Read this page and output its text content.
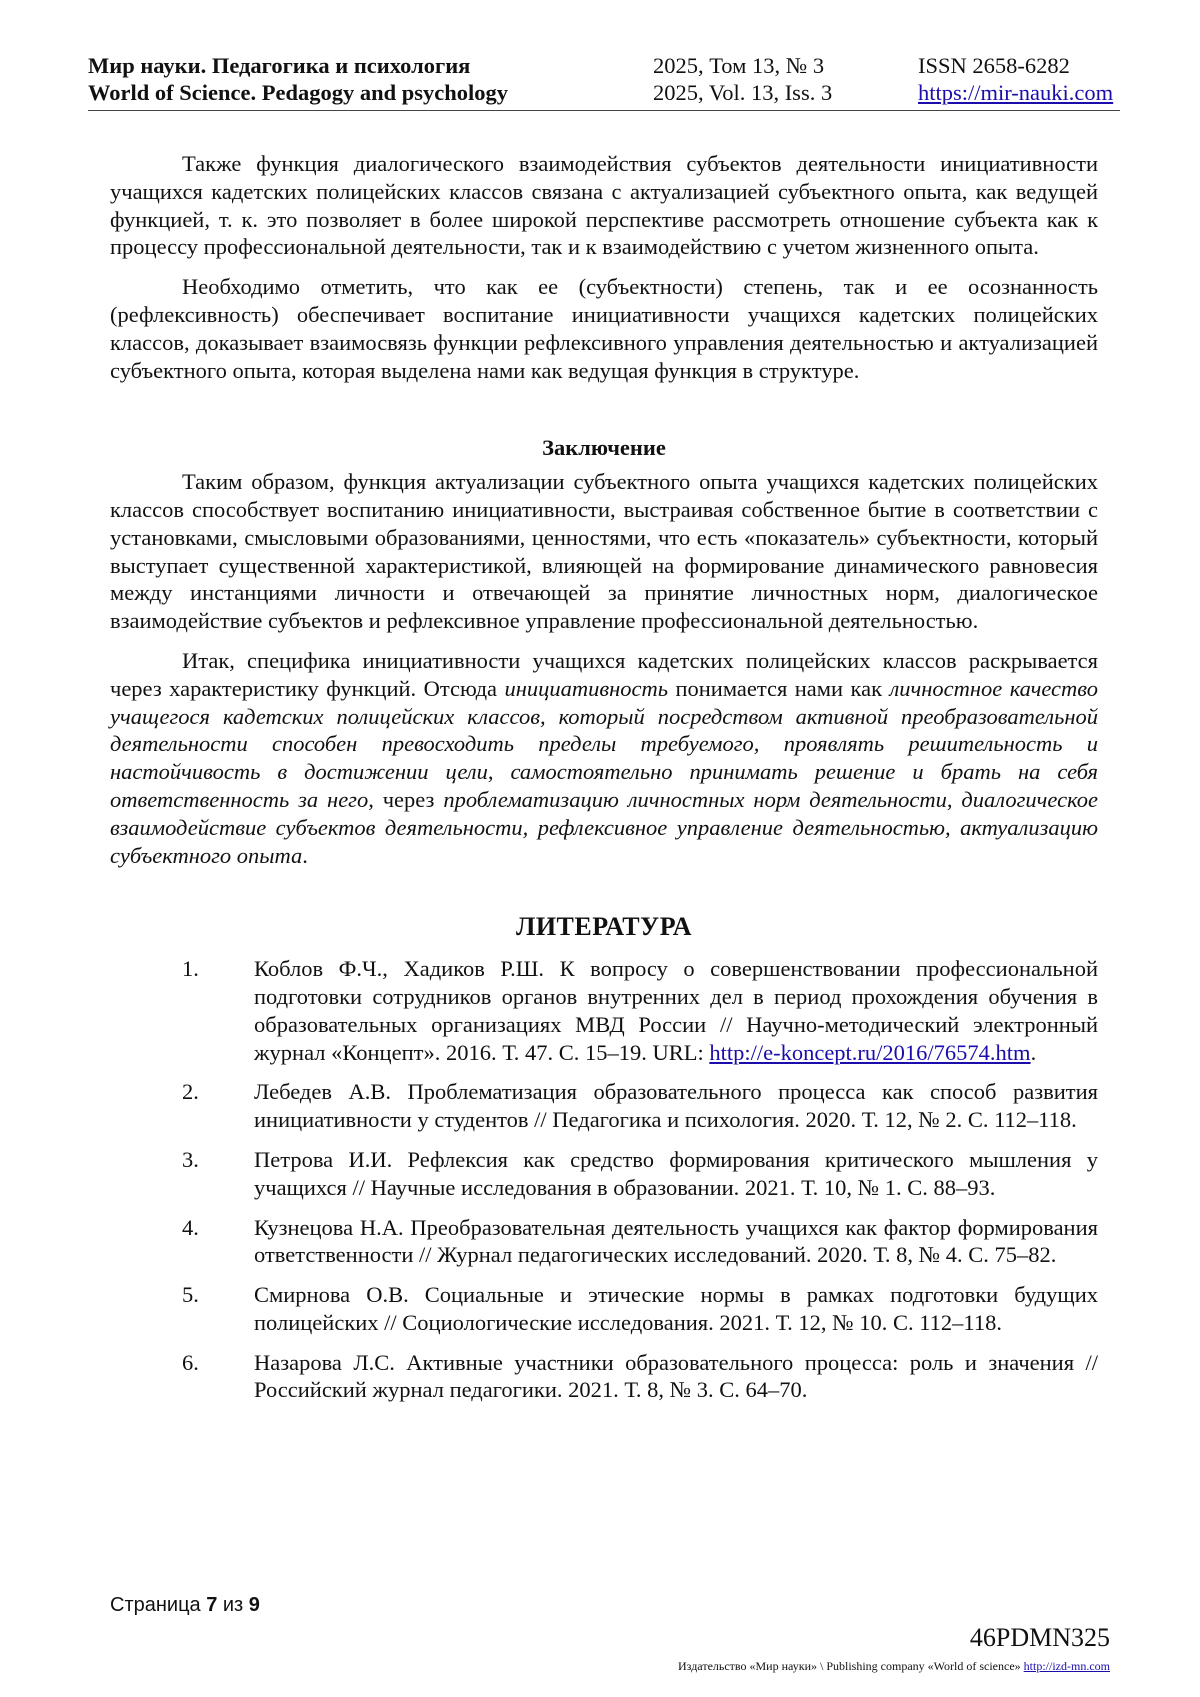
Мир науки. Педагогика и психология	2025, Том 13, № 3	ISSN 2658-6282
World of Science. Pedagogy and psychology	2025, Vol. 13, Iss. 3	https://mir-nauki.com

Также функция диалогического взаимодействия субъектов деятельности инициативности учащихся кадетских полицейских классов связана с актуализацией субъектного опыта, как ведущей функцией, т. к. это позволяет в более широкой перспективе рассмотреть отношение субъекта как к процессу профессиональной деятельности, так и к взаимодействию с учетом жизненного опыта.

Необходимо отметить, что как ее (субъектности) степень, так и ее осознанность (рефлексивность) обеспечивает воспитание инициативности учащихся кадетских полицейских классов, доказывает взаимосвязь функции рефлексивного управления деятельностью и актуализацией субъектного опыта, которая выделена нами как ведущая функция в структуре.

Заключение

Таким образом, функция актуализации субъектного опыта учащихся кадетских полицейских классов способствует воспитанию инициативности, выстраивая собственное бытие в соответствии с установками, смысловыми образованиями, ценностями, что есть «показатель» субъектности, который выступает существенной характеристикой, влияющей на формирование динамического равновесия между инстанциями личности и отвечающей за принятие личностных норм, диалогическое взаимодействие субъектов и рефлексивное управление профессиональной деятельностью.

Итак, специфика инициативности учащихся кадетских полицейских классов раскрывается через характеристику функций. Отсюда инициативность понимается нами как личностное качество учащегося кадетских полицейских классов, который посредством активной преобразовательной деятельности способен превосходить пределы требуемого, проявлять решительность и настойчивость в достижении цели, самостоятельно принимать решение и брать на себя ответственность за него, через проблематизацию личностных норм деятельности, диалогическое взаимодействие субъектов деятельности, рефлексивное управление деятельностью, актуализацию субъектного опыта.

ЛИТЕРАТУРА
1.	Коблов Ф.Ч., Хадиков Р.Ш. К вопросу о совершенствовании профессиональной подготовки сотрудников органов внутренних дел в период прохождения обучения в образовательных организациях МВД России // Научно-методический электронный журнал «Концепт». 2016. Т. 47. С. 15–19. URL: http://e-koncept.ru/2016/76574.htm.
2.	Лебедев А.В. Проблематизация образовательного процесса как способ развития инициативности у студентов // Педагогика и психология. 2020. Т. 12, № 2. С. 112–118.
3.	Петрова И.И. Рефлексия как средство формирования критического мышления у учащихся // Научные исследования в образовании. 2021. Т. 10, № 1. С. 88–93.
4.	Кузнецова Н.А. Преобразовательная деятельность учащихся как фактор формирования ответственности // Журнал педагогических исследований. 2020. Т. 8, № 4. С. 75–82.
5.	Смирнова О.В. Социальные и этические нормы в рамках подготовки будущих полицейских // Социологические исследования. 2021. Т. 12, № 10. С. 112–118.
6.	Назарова Л.С. Активные участники образовательного процесса: роль и значения // Российский журнал педагогики. 2021. Т. 8, № 3. С. 64–70.
Страница 7 из 9
46PDMN325
Издательство «Мир науки» \ Publishing company «World of science» http://izd-mn.com
